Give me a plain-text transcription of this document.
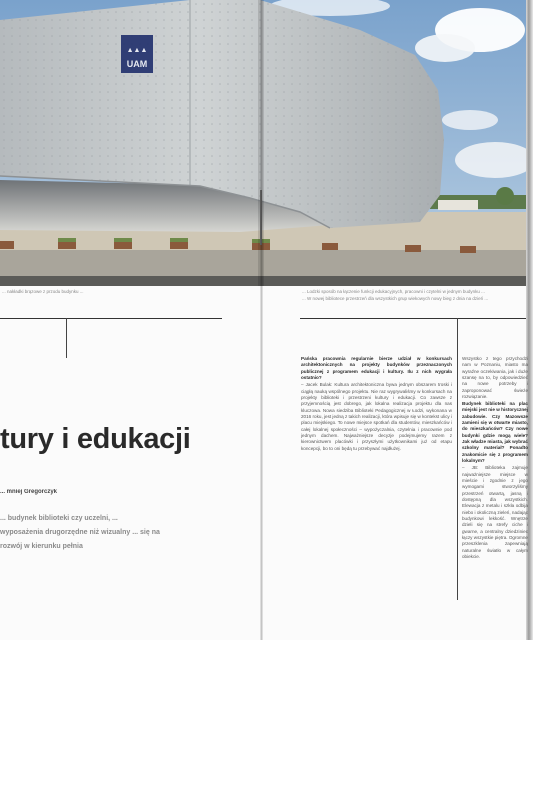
▲▲▲
UAM
... nakładki brązowe z przodu budynku ...	... Lodzki sposób na łączenie funkcji edukacyjnych, pracowni i czytelni w jednym budynku ...
... W nowej bibliotece przestrzeń dla wszystkich grup wiekowych nowy bieg z dnia na dzień ...
tury i edukacji
... mniej Gregorczyk
... budynek biblioteki czy uczelni, ... wyposażenia drugorzędne niż wizualny ... się na rozwój w kierunku pełnia
Pańska pracownia regularnie bierze udział w konkursach architektonicznych na projekty budynków przeznaczonych publicznej z programem edukacji i kultury. Ilu z nich wygrała ostatnio?

– Jacek Bulak: Kultura architektoniczna bywa jednym obszarem troski i ciągłą nauką wspólnego projektu. Nie raz wygrywaliśmy w konkursach na projekty biblioteki i przestrzeni kultury i edukacji. Co zawsze z przyjemnością jest dobrego, jak lokalna realizacja projektu dla nas kluczowa. Nowa siedziba Biblioteki Pedagogicznej w Łodzi, wykonana w 2016 roku, jest jedną z takich realizacji, która wpisuje się w kontekst ulicy i placu miejskiego. To nowe miejsce spotkań dla studentów, mieszkańców i całej lokalnej społeczności – wypożyczalnia, czytelnia i pracownie pod jednym dachem. Najważniejsze decyzje podejmujemy razem z kierownictwem placówki i przyszłymi użytkownikami już od etapu koncepcji, bo to oni będą tu przebywać najdłużej.

Wszystko z tego przychodzi nam w Poznaniu, miasto ma wyraźne oczekiwania, jak i duże szansę na to, by odpowiedzieć na nowe potrzeby i zaproponować świeże rozwiązanie.

Budynek biblioteki na plac miejski jest nie w historycznej zabudowie. Czy Mazowsze zamieni się w otwarte miasto, do mieszkańców? Czy nowe budynki gdzie mogą wiele? Jak władze miasta, jak wybrać szkolny materiał? Ponadto znakomicie się z programem lokalnym?

– JB: Biblioteka zajmuje najważniejsze miejsce w mieście i zgodnie z jego wymogami stworzyliśmy przestrzeń otwartą, jasną i dostępną dla wszystkich. Elewacja z metalu i szkła odbija niebo i okoliczną zieleń, nadając budynkowi lekkość. Wnętrze dzieli się na strefy ciche i gwarne, a centralny dziedziniec łączy wszystkie piętra. Ogromne przeszklenia zapewniają naturalne światło w całym obiekcie.
